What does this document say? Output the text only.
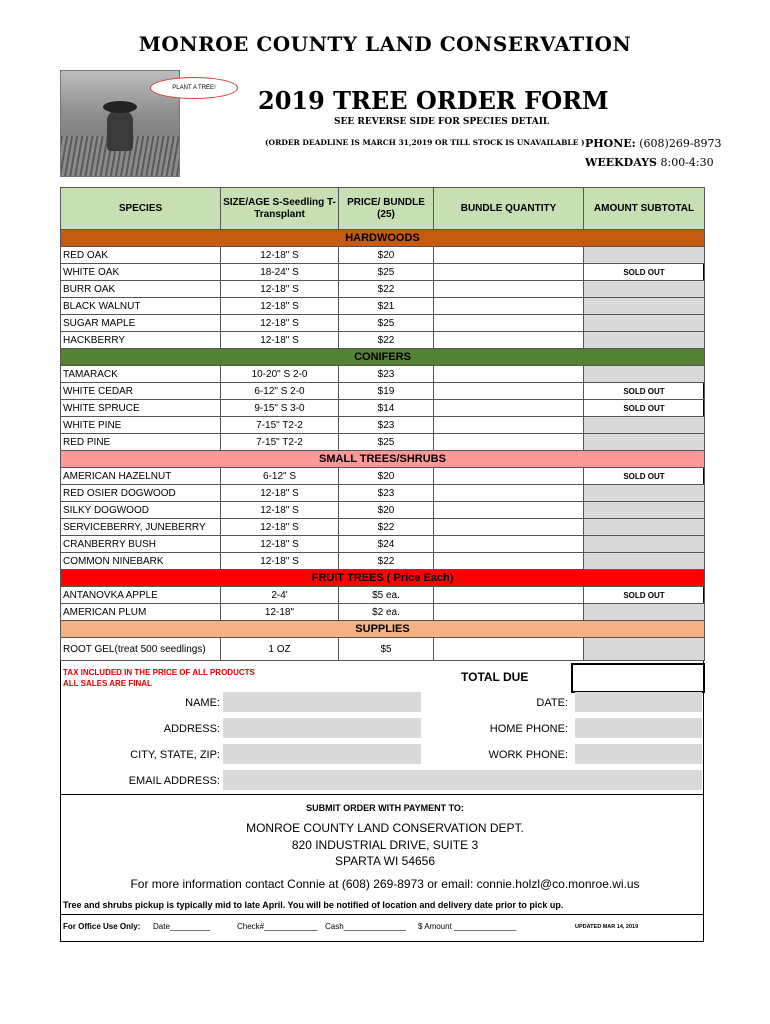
MONROE COUNTY LAND CONSERVATION
PLANT A TREE!	2019 TREE ORDER FORM
SEE REVERSE SIDE FOR SPECIES DETAIL
(ORDER DEADLINE IS MARCH 31,2019 OR TILL STOCK IS UNAVAILABLE ) PHONE: (608)269-8973
WEEKDAYS 8:00-4:30
SPECIES	SIZE/AGE S-Seedling T- Transplant	PRICE/ BUNDLE (25)	BUNDLE QUANTITY	AMOUNT SUBTOTAL
HARDWOODS				
RED OAK	12-18" S	$20		
WHITE OAK	18-24" S	$25		SOLD OUT
BURR OAK	12-18" S	$22		
BLACK WALNUT	12-18" S	$21		
SUGAR MAPLE	12-18" S	$25		
HACKBERRY	12-18" S	$22		
CONIFERS				
TAMARACK	10-20" S 2-0	$23		
WHITE CEDAR	6-12" S 2-0	$19		SOLD OUT
WHITE SPRUCE	9-15" S 3-0	$14		SOLD OUT
WHITE PINE	7-15" T2-2	$23		
RED PINE	7-15" T2-2	$25		
SMALL TREES/SHRUBS				
AMERICAN HAZELNUT	6-12" S	$20		SOLD OUT
RED OSIER DOGWOOD	12-18" S	$23		
SILKY DOGWOOD	12-18" S	$20		
SERVICEBERRY, JUNEBERRY	12-18" S	$22		
CRANBERRY BUSH	12-18" S	$24		
COMMON NINEBARK	12-18" S	$22		
FRUIT TREES ( Price Each)				
ANTANOVKA APPLE	2-4'	$5 ea.		SOLD OUT
AMERICAN PLUM	12-18"	$2 ea.		
SUPPLIES				
ROOT GEL(treat 500 seedlings)	1 OZ	$5		
TAX INCLUDED IN THE PRICE OF ALL PRODUCTS
ALL SALES ARE FINAL	TOTAL DUE
NAME:	DATE:
ADDRESS:	HOME PHONE:
CITY, STATE, ZIP:	WORK PHONE:
EMAIL ADDRESS:
SUBMIT ORDER WITH PAYMENT TO:
MONROE COUNTY LAND CONSERVATION DEPT.
820 INDUSTRIAL DRIVE, SUITE 3
SPARTA WI 54656
For more information contact Connie at (608) 269-8973 or email: connie.holzl@co.monroe.wi.us
Tree and shrubs pickup is typically mid to late April. You will be notified of location and delivery date prior to pick up.
For Office Use Only: Date_________	Check#____________ Cash______________ $ Amount ______________	UPDATED MAR 14, 2019
